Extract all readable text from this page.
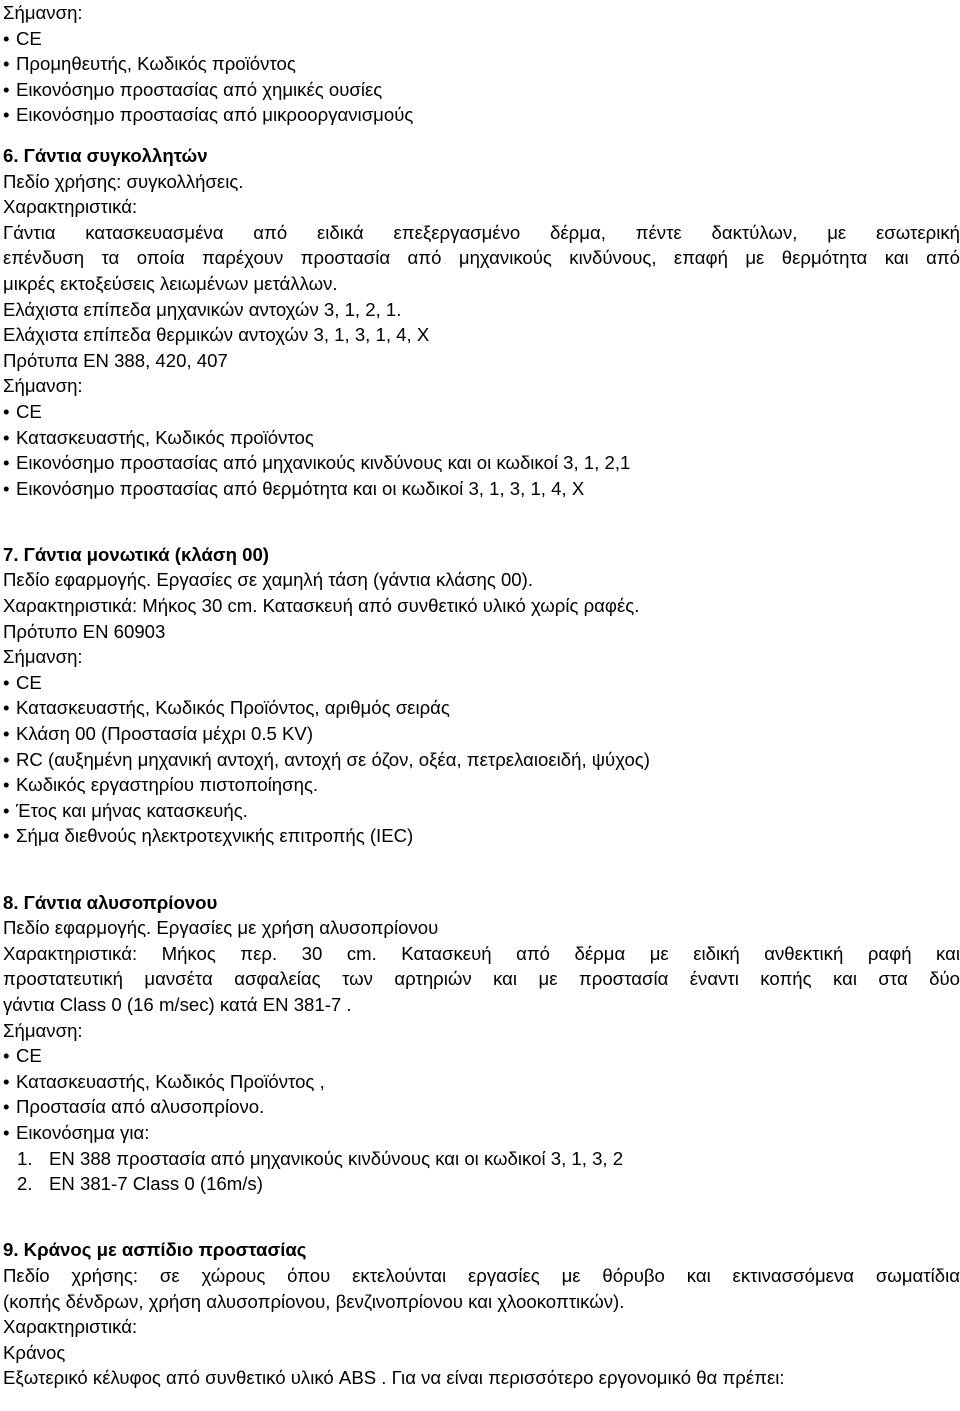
Σήμανση:
• CE
• Προμηθευτής, Κωδικός προϊόντος
• Εικονόσημο προστασίας από χημικές ουσίες
• Εικονόσημο προστασίας από μικροοργανισμούς
6. Γάντια συγκολλητών
Πεδίο χρήσης: συγκολλήσεις.
Χαρακτηριστικά:
Γάντια κατασκευασμένα από ειδικά επεξεργασμένο δέρμα, πέντε δακτύλων, με εσωτερική
επένδυση τα οποία παρέχουν προστασία από μηχανικούς κινδύνους, επαφή με θερμότητα και από
μικρές εκτοξεύσεις λειωμένων μετάλλων.
Ελάχιστα επίπεδα μηχανικών αντοχών 3, 1, 2, 1.
Ελάχιστα επίπεδα θερμικών αντοχών 3, 1, 3, 1, 4, Χ
Πρότυπα ΕΝ 388, 420, 407
Σήμανση:
• CE
• Κατασκευαστής, Κωδικός προϊόντος
• Εικονόσημο προστασίας από μηχανικούς κινδύνους και οι κωδικοί 3, 1, 2,1
• Εικονόσημο προστασίας από θερμότητα και οι κωδικοί 3, 1, 3, 1, 4, Χ
7. Γάντια μονωτικά (κλάση 00)
Πεδίο εφαρμογής. Εργασίες σε χαμηλή τάση (γάντια κλάσης 00).
Χαρακτηριστικά: Μήκος 30 cm. Κατασκευή από συνθετικό υλικό χωρίς ραφές.
Πρότυπο ΕΝ 60903
Σήμανση:
• CE
• Κατασκευαστής, Κωδικός Προϊόντος, αριθμός σειράς
• Κλάση 00 (Προστασία μέχρι 0.5 KV)
• RC (αυξημένη μηχανική αντοχή, αντοχή σε όζον, οξέα, πετρελαιοειδή, ψύχος)
• Κωδικός εργαστηρίου πιστοποίησης.
• Έτος και μήνας κατασκευής.
• Σήμα διεθνούς ηλεκτροτεχνικής επιτροπής (IEC)
8. Γάντια αλυσοπρίονου
Πεδίο εφαρμογής. Εργασίες με χρήση αλυσοπρίονου
Χαρακτηριστικά: Μήκος περ. 30 cm. Κατασκευή από δέρμα με ειδική ανθεκτική ραφή και
προστατευτική μανσέτα ασφαλείας των αρτηριών και με προστασία έναντι κοπής και στα δύο
γάντια Class 0 (16 m/sec) κατά ΕΝ 381-7 .
Σήμανση:
• CE
• Κατασκευαστής, Κωδικός Προϊόντος ,
• Προστασία από αλυσοπρίονο.
• Εικονόσημα για:
1. ΕΝ 388 προστασία από μηχανικούς κινδύνους και οι κωδικοί 3, 1, 3, 2
2. ΕΝ 381-7 Class 0 (16m/s)
9. Κράνος με ασπίδιο προστασίας
Πεδίο χρήσης: σε χώρους όπου εκτελούνται εργασίες με θόρυβο και εκτινασσόμενα σωματίδια
(κοπής δένδρων, χρήση αλυσοπρίονου, βενζινοπρίονου και χλοοκοπτικών).
Χαρακτηριστικά:
Κράνος
Εξωτερικό κέλυφος από συνθετικό υλικό ABS . Για να είναι περισσότερο εργονομικό θα πρέπει:
